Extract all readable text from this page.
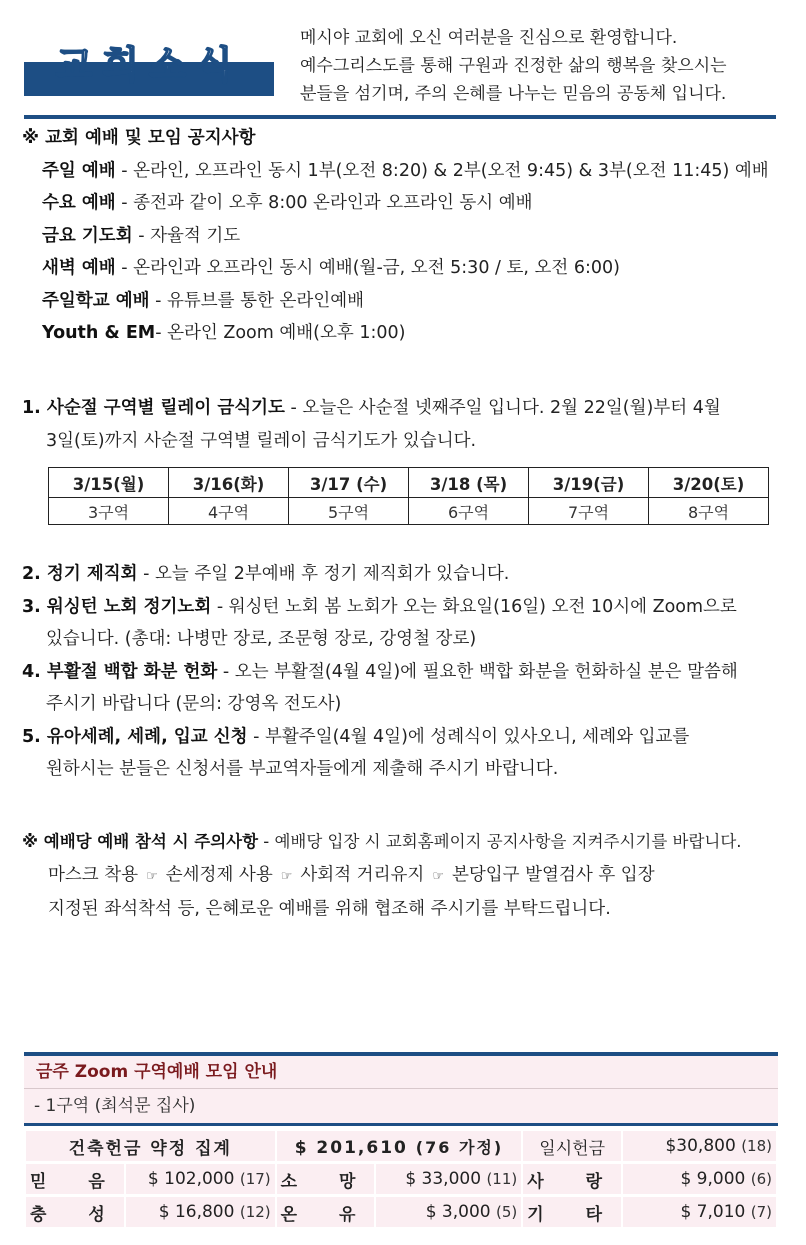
교회소식
메시야 교회에 오신 여러분을 진심으로 환영합니다.
예수그리스도를 통해 구원과 진정한 삶의 행복을 찾으시는
분들을 섬기며, 주의 은혜를 나누는 믿음의 공동체 입니다.
※ 교회 예배 및 모임 공지사항
주일 예배 - 온라인, 오프라인 동시 1부(오전 8:20) & 2부(오전 9:45) & 3부(오전 11:45) 예배
수요 예배 - 종전과 같이 오후 8:00 온라인과 오프라인 동시 예배
금요 기도회 - 자율적 기도
새벽 예배 - 온라인과 오프라인 동시 예배(월-금, 오전 5:30 / 토, 오전 6:00)
주일학교 예배 - 유튜브를 통한 온라인예배
Youth & EM- 온라인 Zoom 예배(오후 1:00)
1. 사순절 구역별 릴레이 금식기도 - 오늘은 사순절 넷째주일 입니다. 2월 22일(월)부터 4월
3일(토)까지 사순절 구역별 릴레이 금식기도가 있습니다.
3/15(월)	3/16(화)	3/17 (수)	3/18 (목)	3/19(금)	3/20(토)
3구역	4구역	5구역	6구역	7구역	8구역
2. 정기 제직회 - 오늘 주일 2부예배 후 정기 제직회가 있습니다.
3. 워싱턴 노회 정기노회 - 워싱턴 노회 봄 노회가 오는 화요일(16일) 오전 10시에 Zoom으로
있습니다. (총대: 나병만 장로, 조문형 장로, 강영철 장로)
4. 부활절 백합 화분 헌화 - 오는 부활절(4월 4일)에 필요한 백합 화분을 헌화하실 분은 말씀해
주시기 바랍니다 (문의: 강영옥 전도사)
5. 유아세례, 세례, 입교 신청 - 부활주일(4월 4일)에 성례식이 있사오니, 세례와 입교를
원하시는 분들은 신청서를 부교역자들에게 제출해 주시기 바랍니다.
※ 예배당 예배 참석 시 주의사항 - 예배당 입장 시 교회홈페이지 공지사항을 지켜주시기를 바랍니다.
마스크 착용 ☞ 손세정제 사용 ☞ 사회적 거리유지 ☞ 본당입구 발열검사 후 입장
지정된 좌석착석 등, 은혜로운 예배를 위해 협조해 주시기를 부탁드립니다.
금주 Zoom 구역예배 모임 안내
- 1구역 (최석문 집사)
건축헌금 약정 집계		$ 201,610 (76 가정)		일시헌금	$30,800 (18)
믿 음	$ 102,000 (17)	소 망	$ 33,000 (11)	사 랑	$ 9,000 (6)
충 성	$ 16,800 (12)	온 유	$ 3,000 (5)	기 타	$ 7,010 (7)
